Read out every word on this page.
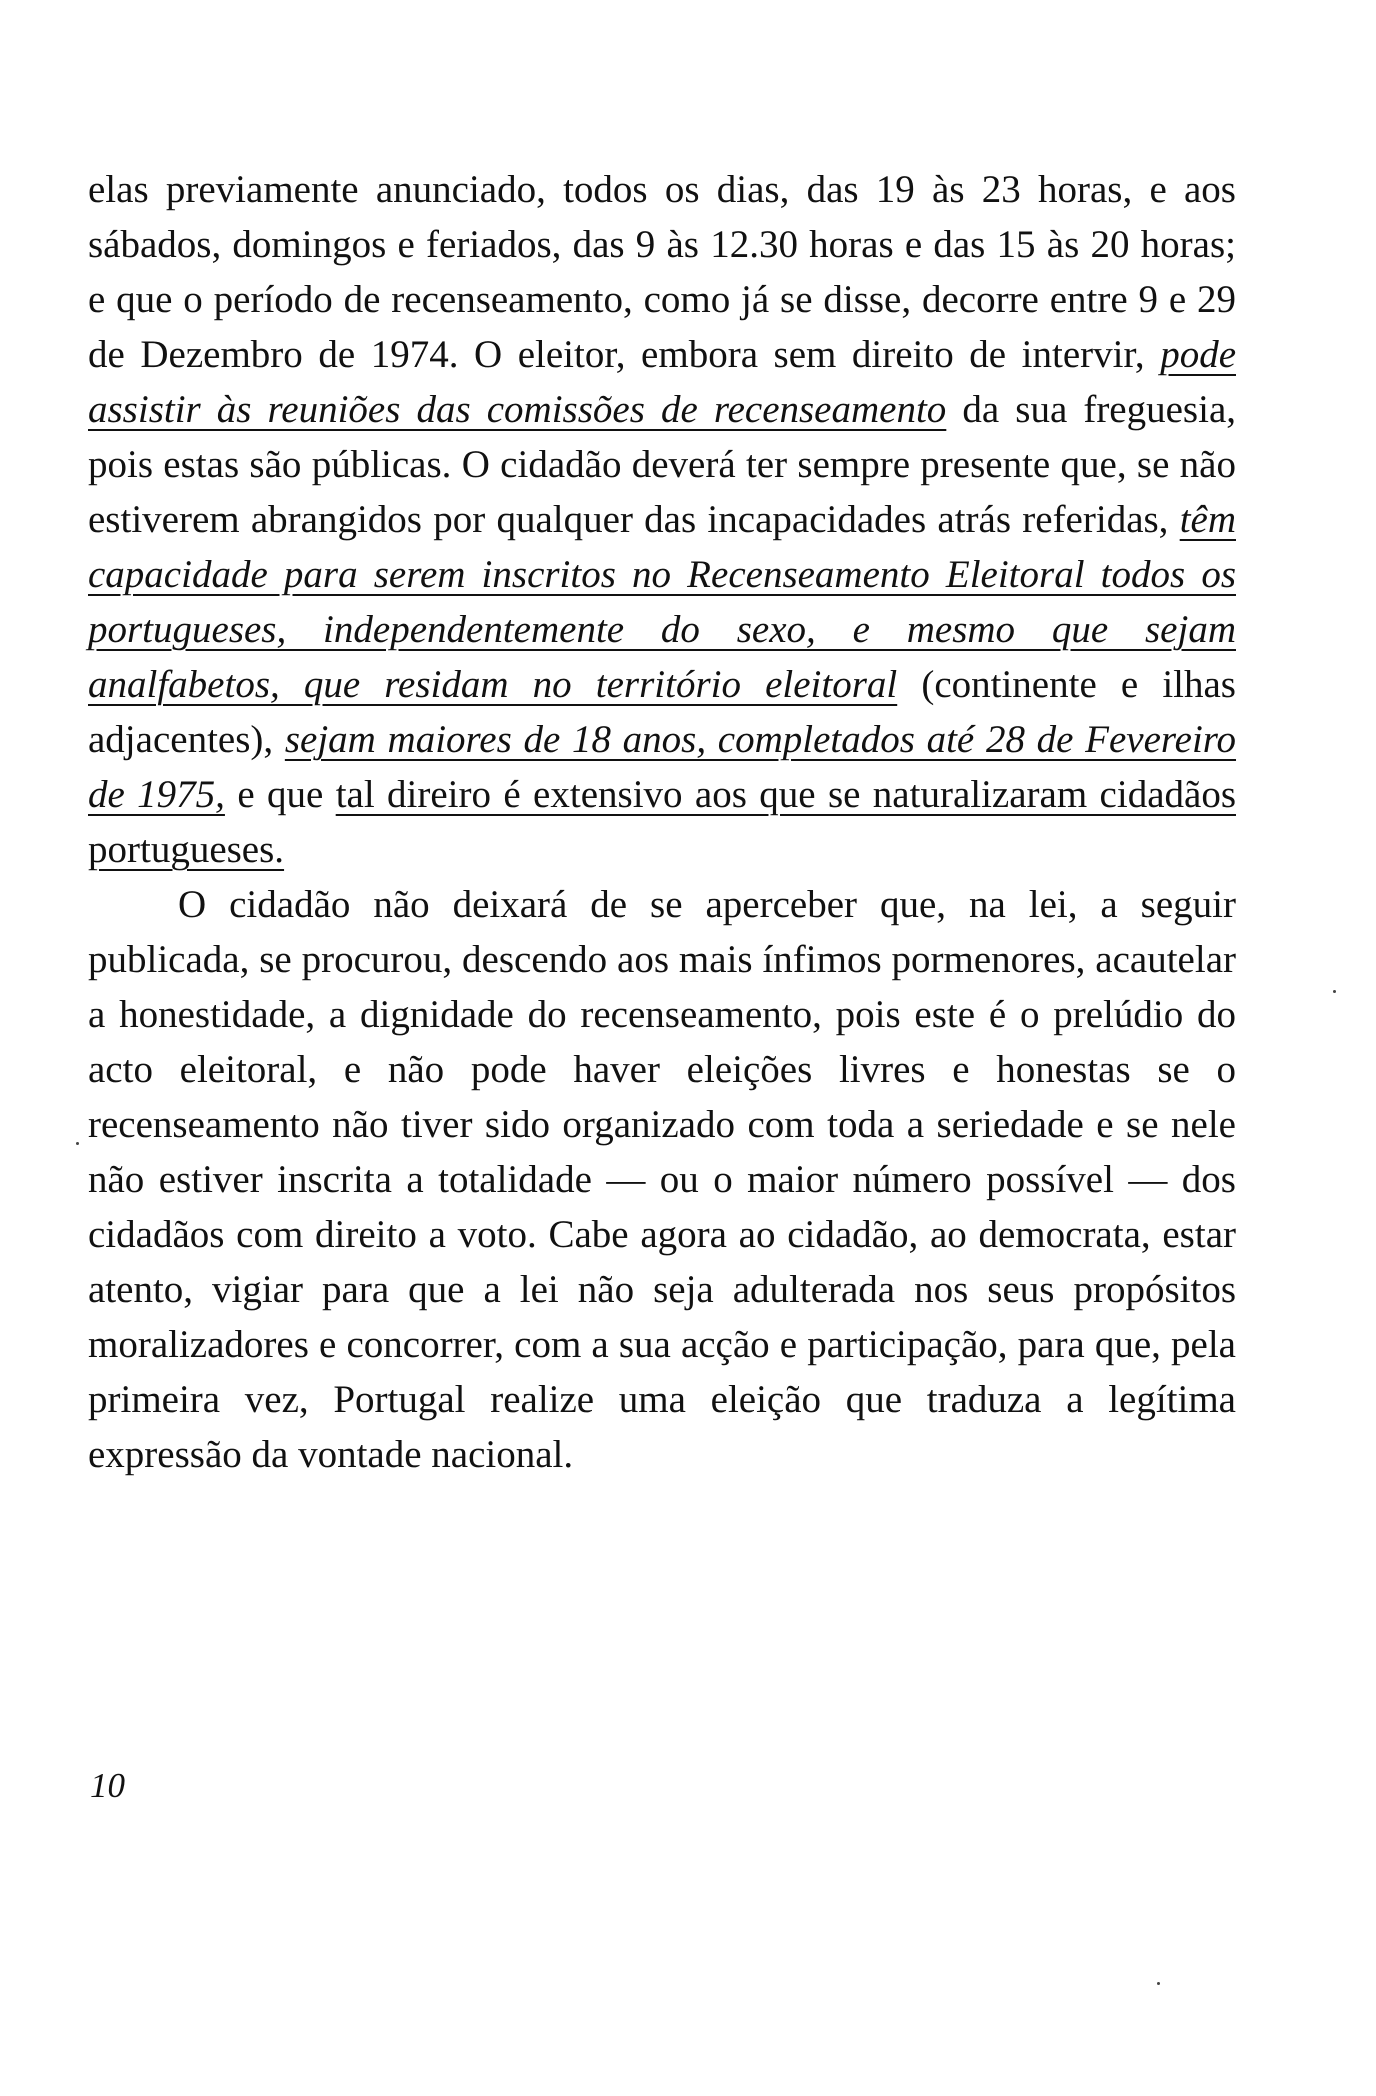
elas previamente anunciado, todos os dias, das 19 às 23 horas, e aos sábados, domingos e feriados, das 9 às 12.30 horas e das 15 às 20 horas; e que o período de recenseamento, como já se disse, decorre entre 9 e 29 de Dezembro de 1974. O eleitor, embora sem direito de intervir, pode assistir às reuniões das comissões de recenseamento da sua freguesia, pois estas são públicas. O cidadão deverá ter sempre presente que, se não estiverem abrangidos por qualquer das incapacidades atrás referidas, têm capacidade para serem inscritos no Recenseamento Eleitoral todos os portugueses, independentemente do sexo, e mesmo que sejam analfabetos, que residam no território eleitoral (continente e ilhas adjacentes), sejam maiores de 18 anos, completados até 28 de Fevereiro de 1975, e que tal direiro é extensivo aos que se naturalizaram cidadãos portugueses.

O cidadão não deixará de se aperceber que, na lei, a seguir publicada, se procurou, descendo aos mais ínfimos pormenores, acautelar a honestidade, a dignidade do recenseamento, pois este é o prelúdio do acto eleitoral, e não pode haver eleições livres e honestas se o recenseamento não tiver sido organizado com toda a seriedade e se nele não estiver inscrita a totalidade — ou o maior número possível — dos cidadãos com direito a voto. Cabe agora ao cidadão, ao democrata, estar atento, vigiar para que a lei não seja adulterada nos seus propósitos moralizadores e concorrer, com a sua acção e participação, para que, pela primeira vez, Portugal realize uma eleição que traduza a legítima expressão da vontade nacional.

10
